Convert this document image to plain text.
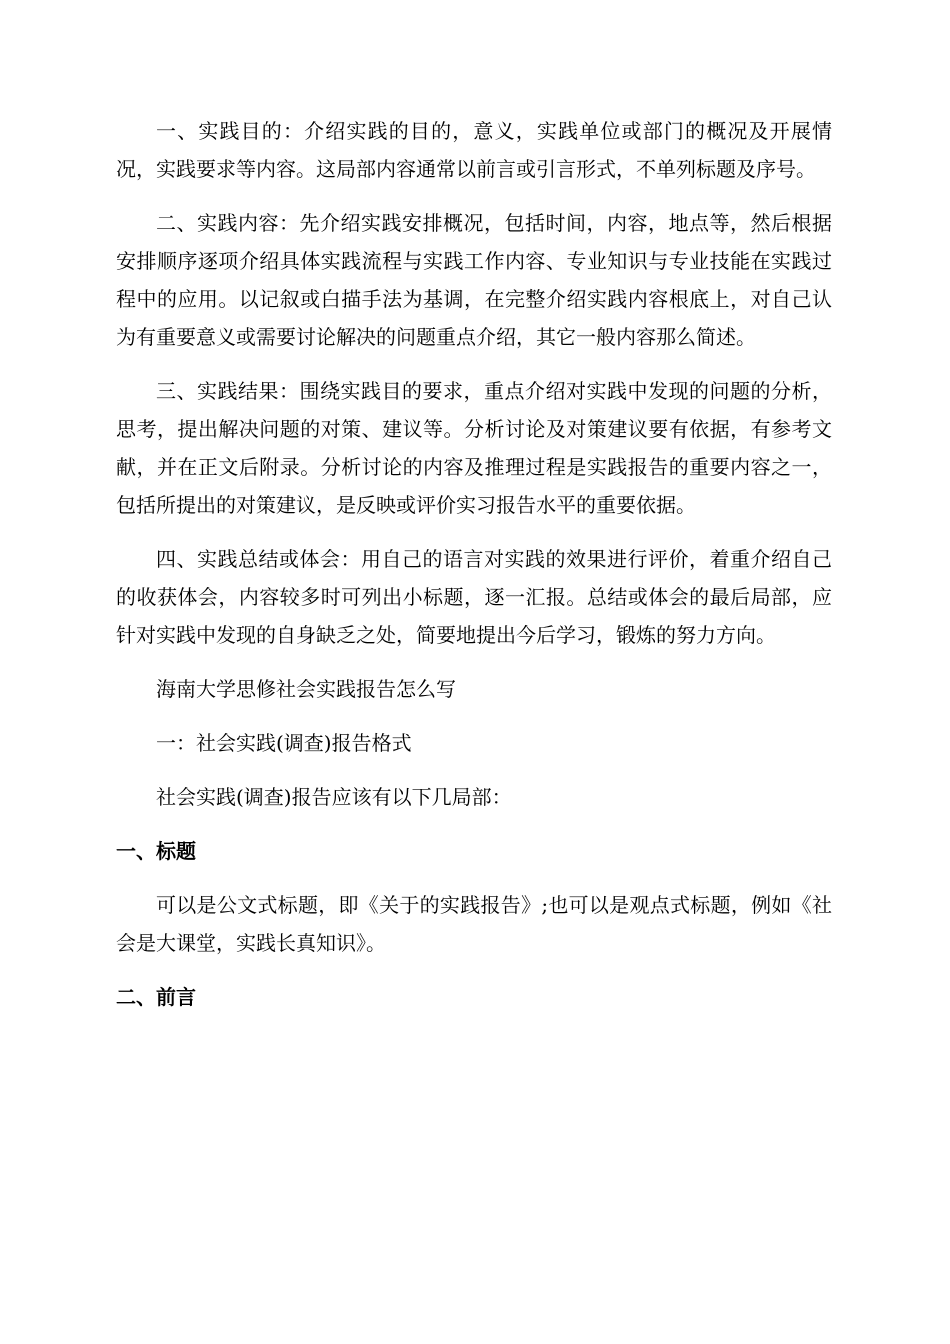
一、实践目的：介绍实践的目的，意义，实践单位或部门的概况及开展情况，实践要求等内容。这局部内容通常以前言或引言形式，不单列标题及序号。

二、实践内容：先介绍实践安排概况，包括时间，内容，地点等，然后根据安排顺序逐项介绍具体实践流程与实践工作内容、专业知识与专业技能在实践过程中的应用。以记叙或白描手法为基调，在完整介绍实践内容根底上，对自己认为有重要意义或需要讨论解决的问题重点介绍，其它一般内容那么简述。

三、实践结果：围绕实践目的要求，重点介绍对实践中发现的问题的分析，思考，提出解决问题的对策、建议等。分析讨论及对策建议要有依据，有参考文献，并在正文后附录。分析讨论的内容及推理过程是实践报告的重要内容之一，包括所提出的对策建议，是反映或评价实习报告水平的重要依据。

四、实践总结或体会：用自己的语言对实践的效果进行评价，着重介绍自己的收获体会，内容较多时可列出小标题，逐一汇报。总结或体会的最后局部，应针对实践中发现的自身缺乏之处，简要地提出今后学习，锻炼的努力方向。

海南大学思修社会实践报告怎么写

一：社会实践(调查)报告格式

社会实践(调查)报告应该有以下几局部：

一、标题

可以是公文式标题，即《关于的实践报告》;也可以是观点式标题，例如《社会是大课堂，实践长真知识》。

二、前言
